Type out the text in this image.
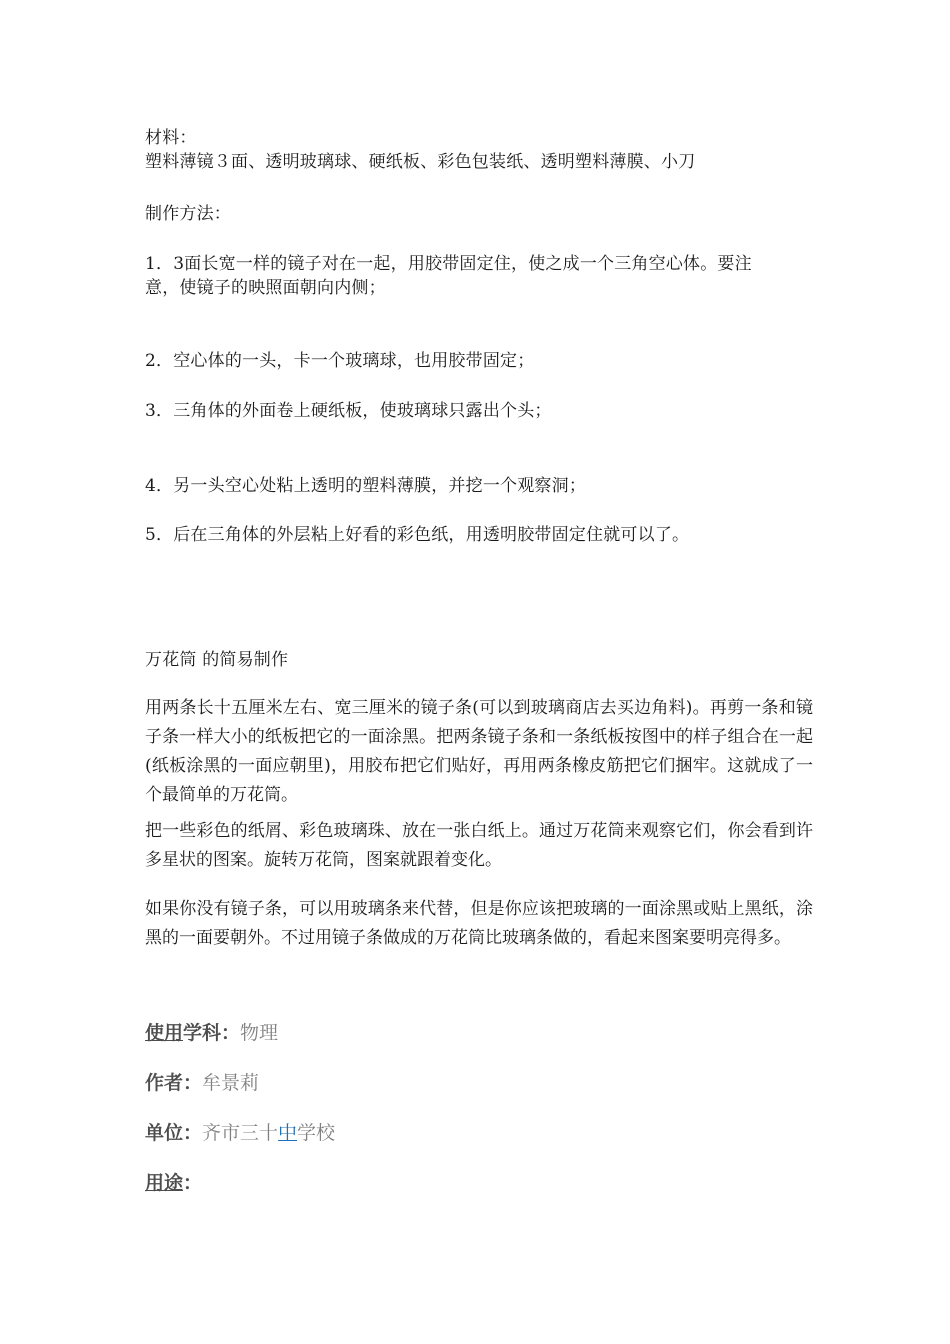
材料：
塑料薄镜３面、透明玻璃球、硬纸板、彩色包装纸、透明塑料薄膜、小刀
制作方法：
1．3面长宽一样的镜子对在一起，用胶带固定住，使之成一个三角空心体。要注
意，使镜子的映照面朝向内侧；
2．空心体的一头，卡一个玻璃球，也用胶带固定；
3．三角体的外面卷上硬纸板，使玻璃球只露出个头；
4．另一头空心处粘上透明的塑料薄膜，并挖一个观察洞；
5．后在三角体的外层粘上好看的彩色纸，用透明胶带固定住就可以了。
万花筒 的简易制作
用两条长十五厘米左右、宽三厘米的镜子条(可以到玻璃商店去买边角料)。再剪一条和镜子条一样大小的纸板把它的一面涂黑。把两条镜子条和一条纸板按图中的样子组合在一起(纸板涂黑的一面应朝里)，用胶布把它们贴好，再用两条橡皮筋把它们捆牢。这就成了一个最简单的万花筒。
把一些彩色的纸屑、彩色玻璃珠、放在一张白纸上。通过万花筒来观察它们，你会看到许多星状的图案。旋转万花筒，图案就跟着变化。
如果你没有镜子条，可以用玻璃条来代替，但是你应该把玻璃的一面涂黑或贴上黑纸，涂黑的一面要朝外。不过用镜子条做成的万花筒比玻璃条做的，看起来图案要明亮得多。
使用学科：物理
作者：牟景莉
单位：齐市三十中学校
用途：
